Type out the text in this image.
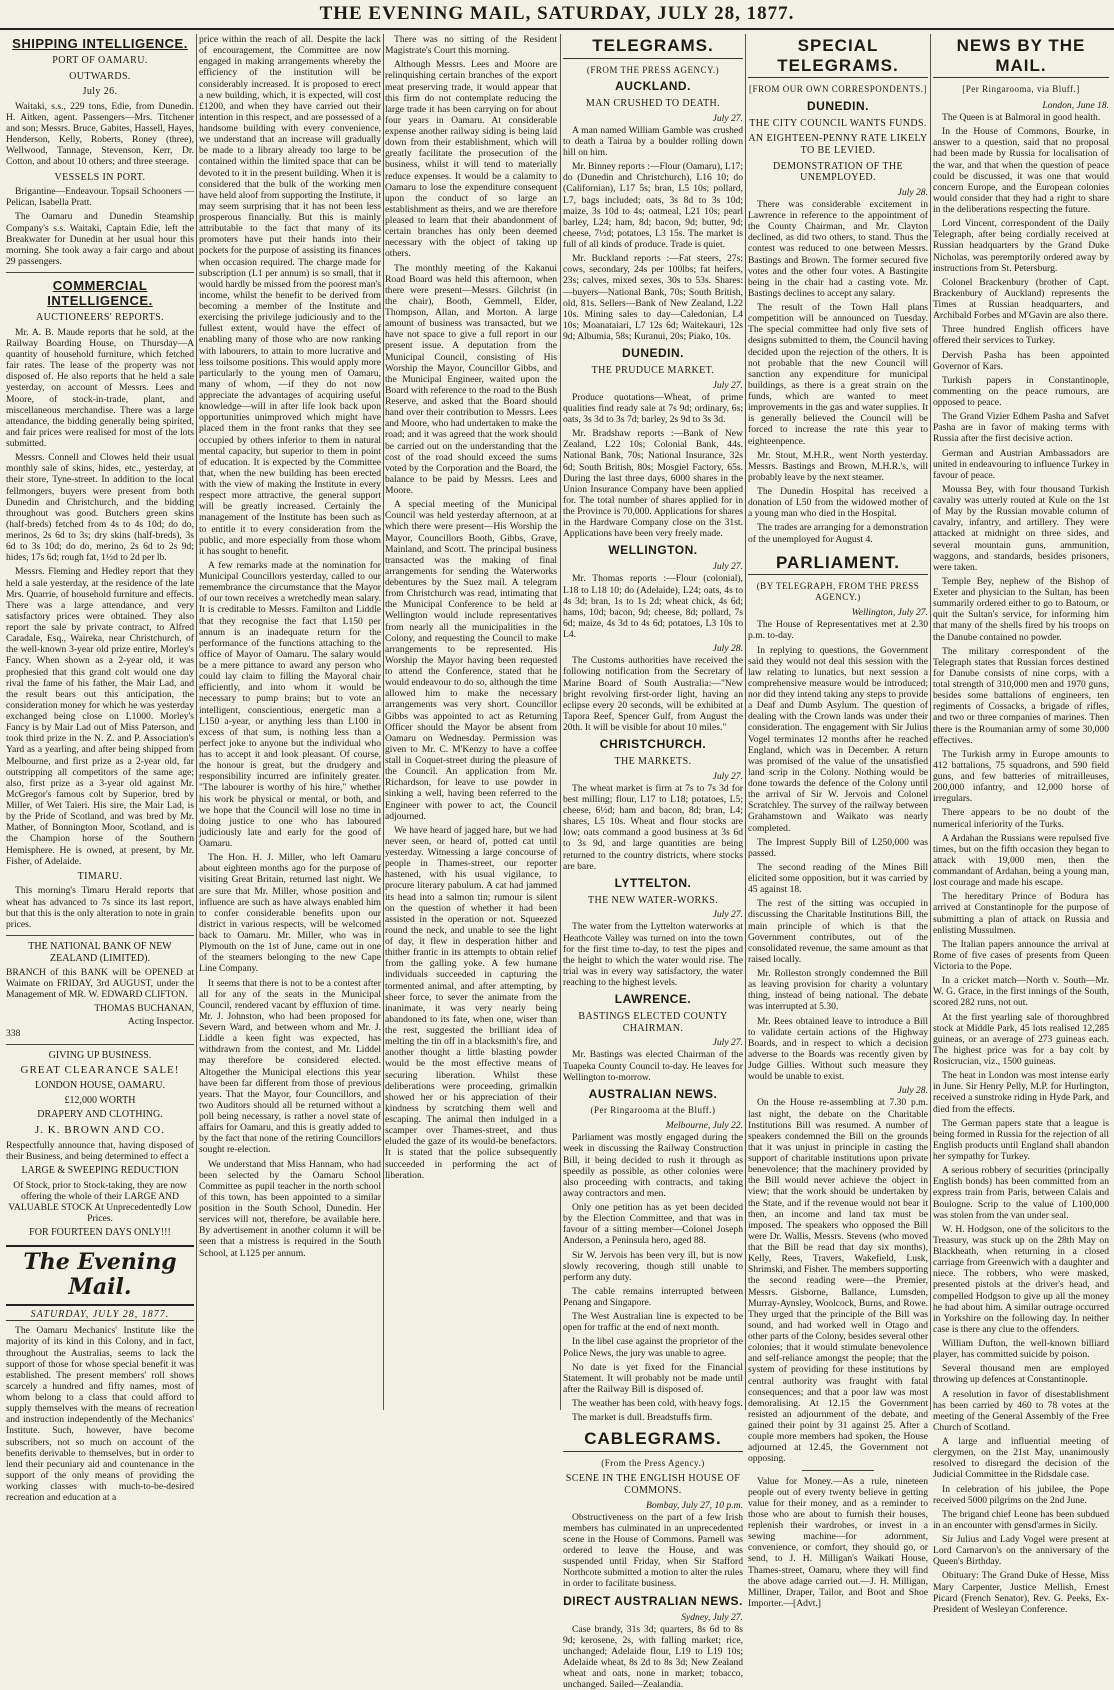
THE EVENING MAIL, SATURDAY, JULY 28, 1877.
SHIPPING INTELLIGENCE.
PORT OF OAMARU.
OUTWARDS.
July 26.

Waitaki, s.s., 229 tons, Edie, from Dunedin. H. Aitken, agent. Passengers—Mrs. Titchener and son; Messrs. Bruce, Gabites, Hassell, Hayes, Henderson, Kelly, Roberts, Roney (three), Wellwood, Tannage, Stevenson, Kerr, Dr. Cotton, and about 10 others; and three steerage.

VESSELS IN PORT.

Brigantine—Endeavour. Topsail Schooners — Pelican, Isabella Pratt.

The Oamaru and Dunedin Steamship Company's s.s. Waitaki, Captain Edie, left the Breakwater for Dunedin at her usual hour this morning. She took away a fair cargo and about 29 passengers.

COMMERCIAL INTELLIGENCE.
AUCTIONEERS' REPORTS.

Mr. A. B. Maude reports that he sold, at the Railway Boarding House, on Thursday—A quantity of household furniture, which fetched fair rates. The lease of the property was not disposed of. He also reports that he held a sale yesterday, on account of Messrs. Lees and Moore, of stock-in-trade, plant, and miscellaneous merchandise. There was a large attendance, the bidding generally being spirited, and fair prices were realised for most of the lots submitted.

Messrs. Connell and Clowes held their usual monthly sale of skins, hides, etc., yesterday, at their store, Tyne-street. In addition to the local fellmongers, buyers were present from both Dunedin and Christchurch, and the bidding throughout was good. Butchers green skins (half-breds) fetched from 4s to 4s 10d; do do, merinos, 2s 6d to 3s; dry skins (half-breds), 3s 6d to 3s 10d; do do, merino, 2s 6d to 2s 9d; hides, 17s 6d; rough fat, 1½d to 2d per lb.

Messrs. Fleming and Hedley report that they held a sale yesterday, at the residence of the late Mrs. Quarrie, of household furniture and effects. There was a large attendance, and very satisfactory prices were obtained. They also report the sale by private contract, to Alfred Caradale, Esq., Waireka, near Christchurch, of the well-known 3-year old prize entire, Morley's Fancy. When shown as a 2-year old, it was prophesied that this grand colt would one day rival the fame of his father, the Mair Lad, and the result bears out this anticipation, the consideration money for which he was yesterday exchanged being close on L1000. Morley's Fancy is by Mair Lad out of Miss Paterson, and took third prize in the N. Z. and P. Association's Yard as a yearling, and after being shipped from Melbourne, and first prize as a 2-year old, far outstripping all competitors of the same age; also, first prize as a 3-year old against Mr. McGregor's famous colt by Superior, bred by Miller, of Wet Taieri. His sire, the Mair Lad, is by the Pride of Scotland, and was bred by Mr. Mather, of Bonnington Moor, Scotland, and is the Champion horse of the Southern Hemisphere. He is owned, at present, by Mr. Fisher, of Adelaide.

TIMARU.

This morning's Timaru Herald reports that wheat has advanced to 7s since its last report, but that this is the only alteration to note in grain prices.

THE NATIONAL BANK OF NEW ZEALAND (LIMITED).

BRANCH of this BANK will be OPENED at Waimate on FRIDAY, 3rd AUGUST, under the Management of MR. W. EDWARD CLIFTON.

THOMAS BUCHANAN,
Acting Inspector.
338
GIVING UP BUSINESS.
GREAT CLEARANCE SALE!
LONDON HOUSE, OAMARU.
£12,000 WORTH
DRAPERY AND CLOTHING.
J. K. BROWN AND CO.

Respectfully announce that, having disposed of their Business, and being determined to effect a

LARGE & SWEEPING REDUCTION

Of Stock, prior to Stock-taking, they are now offering the whole of their LARGE AND VALUABLE STOCK At Unprecedentedly Low Prices.

FOR FOURTEEN DAYS ONLY!!!
The Evening Mail.
SATURDAY, JULY 28, 1877.

The Oamaru Mechanics' Institute like the majority of its kind in this Colony, and in fact, throughout the Australias, seems to lack the support of those for whose special benefit it was established. The present members' roll shows scarcely a hundred and fifty names, most of whom belong to a class that could afford to supply themselves with the means of recreation and instruction independently of the Mechanics' Institute. Such, however, have become subscribers, not so much on account of the benefits derivable to themselves, but in order to lend their pecuniary aid and countenance in the support of the only means of providing the working classes with much-to-be-desired recreation and education at a

price within the reach of all. Despite the lack of encouragement, the Committee are now engaged in making arrangements whereby the efficiency of the institution will be considerably increased. It is proposed to erect a new building, which, it is expected, will cost £1200, and when they have carried out their intention in this respect, and are possessed of a handsome building with every convenience, we understand that an increase will gradually be made to a library already too large to be contained within the limited space that can be devoted to it in the present building. When it is considered that the bulk of the working men have held aloof from supporting the Institute, it may seem surprising that it has not been less prosperous financially. But this is mainly attributable to the fact that many of its promoters have put their hands into their pockets for the purpose of assisting its finances when occasion required. The charge made for subscription (L1 per annum) is so small, that it would hardly be missed from the poorest man's income, whilst the benefit to be derived from becoming a member of the Institute and exercising the privilege judiciously and to the fullest extent, would have the effect of enabling many of those who are now ranking with labourers, to attain to more lucrative and less toilsome positions. This would apply more particularly to the young men of Oamaru, many of whom, —if they do not now appreciate the advantages of acquiring useful knowledge—will in after life look back upon opportunities unimproved which might have placed them in the front ranks that they see occupied by others inferior to them in natural mental capacity, but superior to them in point of education. It is expected by the Committee that, when the new building has been erected with the view of making the Institute in every respect more attractive, the general support will be greatly increased. Certainly the management of the Institute has been such as to entitle it to every consideration from the public, and more especially from those whom it has sought to benefit.

A few remarks made at the nomination for Municipal Councillors yesterday, called to our remembrance the circumstance that the Mayor of our town receives a wretchedly mean salary. It is creditable to Messrs. Familton and Liddle that they recognise the fact that L150 per annum is an inadequate return for the performance of the functions attaching to the office of Mayor of Oamaru. The salary would be a mere pittance to award any person who could lay claim to filling the Mayoral chair efficiently, and into whom it would be necessary to pump brains; but to vote an intelligent, conscientious, energetic man a L150 a-year, or anything less than L100 in excess of that sum, is nothing less than a perfect joke to anyone but the individual who has to accept it and look pleasant. Of course, the honour is great, but the drudgery and responsibility incurred are infinitely greater. "The labourer is worthy of his hire," whether his work be physical or mental, or both, and we hope that the Council will lose no time in doing justice to one who has laboured judiciously late and early for the good of Oamaru.

The Hon. H. J. Miller, who left Oamaru about eighteen months ago for the purpose of visiting Great Britain, returned last night. We are sure that Mr. Miller, whose position and influence are such as have always enabled him to confer considerable benefits upon our district in various respects, will be welcomed back to Oamaru. Mr. Miller, who was in Plymouth on the 1st of June, came out in one of the steamers belonging to the new Cape Line Company.

It seems that there is not to be a contest after all for any of the seats in the Municipal Council, rendered vacant by effluxion of time. Mr. J. Johnston, who had been proposed for Severn Ward, and between whom and Mr. J. Liddle a keen fight was expected, has withdrawn from the contest, and Mr. Liddel may therefore be considered elected. Altogether the Municipal elections this year have been far different from those of previous years. That the Mayor, four Councillors, and two Auditors should all be returned without a poll being necessary, is rather a novel state of affairs for Oamaru, and this is greatly added to by the fact that none of the retiring Councillors sought re-election.

We understand that Miss Hannam, who had been selected by the Oamaru School Committee as pupil teacher in the north school of this town, has been appointed to a similar position in the South School, Dunedin. Her services will not, therefore, be available here. By advertisement in another column it will be seen that a mistress is required in the South School, at L125 per annum.

There was no sitting of the Resident Magistrate's Court this morning.

Although Messrs. Lees and Moore are relinquishing certain branches of the export meat preserving trade, it would appear that this firm do not contemplate reducing the large trade it has been carrying on for about four years in Oamaru. At considerable expense another railway siding is being laid down from their establishment, which will greatly facilitate the prosecution of the business, whilst it will tend to materially reduce expenses. It would be a calamity to Oamaru to lose the expenditure consequent upon the conduct of so large an establishment as theirs, and we are therefore pleased to learn that their abandonment of certain branches has only been deemed necessary with the object of taking up others.

The monthly meeting of the Kakanui Road Board was held this afternoon, when there were present—Messrs. Gilchrist (in the chair), Booth, Gemmell, Elder, Thompson, Allan, and Morton. A large amount of business was transacted, but we have not space to give a full report in our present issue. A deputation from the Municipal Council, consisting of His Worship the Mayor, Councillor Gibbs, and the Municipal Engineer, waited upon the Board with reference to the road to the Bush Reserve, and asked that the Board should hand over their contribution to Messrs. Lees and Moore, who had undertaken to make the road; and it was agreed that the work should be carried out on the understanding that the cost of the road should exceed the sums voted by the Corporation and the Board, the balance to be paid by Messrs. Lees and Moore.

A special meeting of the Municipal Council was held yesterday afternoon, at at which there were present—His Worship the Mayor, Councillors Booth, Gibbs, Grave, Mainland, and Scott. The principal business transacted was the making of final arrangements for sending the Waterworks debentures by the Suez mail. A telegram from Christchurch was read, intimating that the Municipal Conference to be held at Wellington would include representatives from nearly all the municipalities in the Colony, and requesting the Council to make arrangements to be represented. His Worship the Mayor having been requested to attend the Conference, stated that he would endeavour to do so, although the time allowed him to make the necessary arrangements was very short. Councillor Gibbs was appointed to act as Returning Officer should the Mayor be absent from Oamaru on Wednesday. Permission was given to Mr. C. M'Kenzy to have a coffee stall in Coquet-street during the pleasure of the Council. An application from Mr. Richardson, for leave to use powder in sinking a well, having been referred to the Engineer with power to act, the Council adjourned.

We have heard of jagged hare, but we had never seen, or heard of, potted cat until yesterday. Witnessing a large concourse of people in Thames-street, our reporter hastened, with his usual vigilance, to procure literary pabulum. A cat had jammed its head into a salmon tin; rumour is silent on the question of whether it had been assisted in the operation or not. Squeezed round the neck, and unable to see the light of day, it flew in desperation hither and thither frantic in its attempts to obtain relief from the galling yoke. A few humane individuals succeeded in capturing the tormented animal, and after attempting, by sheer force, to sever the animate from the inanimate, it was very nearly being abandoned to its fate, when one, wiser than the rest, suggested the brilliant idea of melting the tin off in a blacksmith's fire, and another thought a little blasting powder would be the most effective means of securing liberation. Whilst these deliberations were proceeding, grimalkin showed her or his appreciation of their kindness by scratching them well and escaping. The animal then indulged in a scamper over Thames-street, and thus eluded the gaze of its would-be benefactors. It is stated that the police subsequently succeeded in performing the act of liberation.

TELEGRAMS.
(FROM THE PRESS AGENCY.)
AUCKLAND.
MAN CRUSHED TO DEATH.
July 27.

A man named William Gamble was crushed to death a Tairua by a boulder rolling down hill on him.

Mr. Binney reports :—Flour (Oamaru), L17; do (Dunedin and Christchurch), L16 10; do (Californian), L17 5s; bran, L5 10s; pollard, L7, bags included; oats, 3s 8d to 3s 10d; maize, 3s 10d to 4s; oatmeal, L21 10s; pearl barley, L24; ham, 8d; bacon, 9d; butter, 9d; cheese, 7½d; potatoes, L3 15s. The market is full of all kinds of produce. Trade is quiet.

Mr. Buckland reports :—Fat steers, 27s; cows, secondary, 24s per 100lbs; fat heifers, 23s; calves, mixed sexes, 30s to 53s. Shares:—buyers—National Bank, 70s; South British, old, 81s. Sellers—Bank of New Zealand, L22 10s. Mining sales to day—Caledonian, L4 10s; Moanataiari, L7 12s 6d; Waitekauri, 12s 9d; Albumia, 58s; Kuranui, 20s; Piako, 10s.

DUNEDIN.
THE PRUDUCE MARKET.
July 27.

Produce quotations—Wheat, of prime qualities find ready sale at 7s 9d; ordinary, 6s; oats, 3s 3d to 3s 7d; barley, 2s 9d to 3s 3d.

Mr. Bradshaw reports :—Bank of New Zealand, L22 10s; Colonial Bank, 44s. National Bank, 70s; National Insurance, 32s 6d; South British, 80s; Mosgiel Factory, 65s. During the last three days, 6000 shares in the Union Insurance Company have been applied for. The total number of shares applied for in the Province is 70,000. Applications for shares in the Hardware Company close on the 31st. Applications have been very freely made.

WELLINGTON.
July 27.

Mr. Thomas reports :—Flour (colonial), L18 to L18 10; do (Adelaide), L24; oats, 4s to 4s 3d; bran, 1s to 1s 2d; wheat chick, 4s 6d; hams, 10d; bacon, 9d; cheese, 8d; pollard, 7s 6d; maize, 4s 3d to 4s 6d; potatoes, L3 10s to L4.

July 28.

The Customs authorities have received the following notification from the Secretary of Marine Board of South Australia:—"New bright revolving first-order light, having an eclipse every 20 seconds, will be exhibited at Tapora Reef, Spencer Gulf, from August the 20th. It will be visible for about 10 miles."

CHRISTCHURCH.
THE MARKETS.
July 27.

The wheat market is firm at 7s to 7s 3d for best milling; flour, L17 to L18; potatoes, L5; cheese, 6½d; ham and bacon, 8d; bran, L4; shares, L5 10s. Wheat and flour stocks are low; oats command a good business at 3s 6d to 3s 9d, and large quantities are being returned to the country districts, where stocks are bare.

LYTTELTON.
THE NEW WATER-WORKS.
July 27.

The water from the Lyttelton waterworks at Heathcote Valley was turned on into the town for the first time to-day, to test the pipes and the height to which the water would rise. The trial was in every way satisfactory, the water reaching to the highest levels.

LAWRENCE.
BASTINGS ELECTED COUNTY CHAIRMAN.
July 27.

Mr. Bastings was elected Chairman of the Tuapeka County Council to-day. He leaves for Wellington to-morrow.

AUSTRALIAN NEWS.
(Per Ringarooma at the Bluff.)
Melbourne, July 22.

Parliament was mostly engaged during the week in discussing the Railway Construction Bill, it being decided to rush it through as speedily as possible, as other colonies were also proceeding with contracts, and taking away contractors and men.

Only one petition has as yet been decided by the Election Committee, and that was in favour of a sitting member—Colonel Joseph Anderson, a Peninsula hero, aged 88.

Sir W. Jervois has been very ill, but is now slowly recovering, though still unable to perform any duty.

The cable remains interrupted between Penang and Singapore.

The West Australian line is expected to be open for traffic at the end of next month.

In the libel case against the proprietor of the Police News, the jury was unable to agree.

No date is yet fixed for the Financial Statement. It will probably not be made until after the Railway Bill is disposed of.

The weather has been cold, with heavy fogs.

The market is dull. Breadstuffs firm.

CABLEGRAMS.
(From the Press Agency.)
SCENE IN THE ENGLISH HOUSE OF COMMONS.
Bombay, July 27, 10 p.m.

Obstructiveness on the part of a few Irish members has culminated in an unprecedented scene in the House of Commons. Parnell was ordered to leave the House, and was suspended until Friday, when Sir Stafford Northcote submitted a motion to alter the rules in order to facilitate business.

DIRECT AUSTRALIAN NEWS.
Sydney, July 27.

Case brandy, 31s 3d; quarters, 8s 6d to 8s 9d; kerosene, 2s, with falling market; rice, unchanged; Adelaide flour, L19 to L19 10s; Adelaide wheat, 8s 2d to 8s 3d; New Zealand wheat and oats, none in market; tobacco, unchanged. Sailed—Zealandia.

SPECIAL TELEGRAMS.
[FROM OUR OWN CORRESPONDENTS.]
DUNEDIN.
THE CITY COUNCIL WANTS FUNDS.
AN EIGHTEEN-PENNY RATE LIKELY TO BE LEVIED.
DEMONSTRATION OF THE UNEMPLOYED.
July 28.

There was considerable excitement in Lawrence in reference to the appointment of the County Chairman, and Mr. Clayton declined, as did two others, to stand. Thus the contest was reduced to one between Messrs. Bastings and Brown. The former secured five votes and the other four votes. A Bastingite being in the chair had a casting vote. Mr. Bastings declines to accept any salary.

The result of the Town Hall plans competition will be announced on Tuesday. The special committee had only five sets of designs submitted to them, the Council having decided upon the rejection of the others. It is not probable that the new Council will sanction any expenditure for municipal buildings, as there is a great strain on the funds, which are wanted to meet improvements in the gas and water supplies. It is generally believed the Council will be forced to increase the rate this year to eighteenpence.

Mr. Stout, M.H.R., went North yesterday. Messrs. Bastings and Brown, M.H.R.'s, will probably leave by the next steamer.

The Dunedin Hospital has received a donation of L50 from the widowed mother of a young man who died in the Hospital.

The trades are arranging for a demonstration of the unemployed for August 4.

PARLIAMENT.
(BY TELEGRAPH, FROM THE PRESS AGENCY.)
Wellington, July 27.

The House of Representatives met at 2.30 p.m. to-day.

In replying to questions, the Government said they would not deal this session with the law relating to lunatics, but next session a comprehensive measure would be introduced; nor did they intend taking any steps to provide a Deaf and Dumb Asylum. The question of dealing with the Crown lands was under their consideration. The engagement with Sir Julius Vogel terminates 12 months after he reached England, which was in December. A return was promised of the value of the unsatisfied land scrip in the Colony. Nothing would be done towards the defence of the Colony until the arrival of Sir W. Jervois and Colonel Scratchley. The survey of the railway between Grahamstown and Waikato was nearly completed.

The Imprest Supply Bill of L250,000 was passed.

The second reading of the Mines Bill elicited some opposition, but it was carried by 45 against 18.

The rest of the sitting was occupied in discussing the Charitable Institutions Bill, the main principle of which is that the Government contributes, out of the consolidated revenue, the same amount as that raised locally.

Mr. Rolleston strongly condemned the Bill as leaving provision for charity a voluntary thing, instead of being national. The debate was interrupted at 5.30.

Mr. Rees obtained leave to introduce a Bill to validate certain actions of the Highway Boards, and in respect to which a decision adverse to the Boards was recently given by Judge Gillies. Without such measure they would be unable to exist.

July 28.

On the House re-assembling at 7.30 p.m. last night, the debate on the Charitable Institutions Bill was resumed. A number of speakers condemned the Bill on the grounds that it was unjust in principle in casting the support of charitable institutions upon private benevolence; that the machinery provided by the Bill would never achieve the object in view; that the work should be undertaken by the State, and if the revenue would not bear it then, an income and land tax must be imposed. The speakers who opposed the Bill were Dr. Wallis, Messrs. Stevens (who moved that the Bill be read that day six months), Kelly, Rees, Travers, Wakefield, Lusk, Shrimski, and Fisher. The members supporting the second reading were—the Premier, Messrs. Gisborne, Ballance, Lumsden, Murray-Aynsley, Woolcock, Burns, and Rowe. They urged that the principle of the Bill was sound, and had worked well in Otago and other parts of the Colony, besides several other colonies; that it would stimulate benevolence and self-reliance amongst the people; that the system of providing for these institutions by central authority was fraught with fatal consequences; and that a poor law was most demoralising. At 12.15 the Government resisted an adjournment of the debate, and gained their point by 31 against 25. After a couple more members had spoken, the House adjourned at 12.45, the Government not opposing.

Value for Money.—As a rule, nineteen people out of every twenty believe in getting value for their money, and as a reminder to those who are about to furnish their houses, replenish their wardrobes, or invest in a sewing machine—for adornment, convenience, or comfort, they should go, or send, to J. H. Milligan's Waikati House, Thames-street, Oamaru, where they will find the above adage carried out.—J. H. Milligan, Milliner, Draper, Tailor, and Boot and Shoe Importer.—[Advt.]

NEWS BY THE MAIL.
[Per Ringarooma, via Bluff.]
London, June 18.

The Queen is at Balmoral in good health.

In the House of Commons, Bourke, in answer to a question, said that no proposal had been made by Russia for localisation of the war, and that when the question of peace could be discussed, it was one that would concern Europe, and the European colonies would consider that they had a right to share in the deliberations respecting the future.

Lord Vincent, correspondent of the Daily Telegraph, after being cordially received at Russian headquarters by the Grand Duke Nicholas, was peremptorily ordered away by instructions from St. Petersburg.

Colonel Brackenbury (brother of Capt. Brackenbury of Auckland) represents the Times at Russian headquarters, and Archibald Forbes and M'Gavin are also there.

Three hundred English officers have offered their services to Turkey.

Dervish Pasha has been appointed Governor of Kars.

Turkish papers in Constantinople, commenting on the peace rumours, are opposed to peace.

The Grand Vizier Edhem Pasha and Safvet Pasha are in favor of making terms with Russia after the first decisive action.

German and Austrian Ambassadors are united in endeavouring to influence Turkey in favour of peace.

Moussa Bey, with four thousand Turkish cavalry was utterly routed at Kule on the 1st of May by the Russian movable column of cavalry, infantry, and artillery. They were attacked at midnight on three sides, and several mountain guns, ammunition, waggons, and standards, besides prisoners, were taken.

Temple Bey, nephew of the Bishop of Exeter and physician to the Sultan, has been summarily ordered either to go to Batoum, or quit the Sultan's service, for informing him that many of the shells fired by his troops on the Danube contained no powder.

The military correspondent of the Telegraph states that Russian forces destined for Danube consists of nine corps, with a total strength of 310,000 men and 1970 guns, besides some battalions of engineers, ten regiments of Cossacks, a brigade of rifles, and two or three companies of marines. Then there is the Roumanian army of some 30,000 effectives.

The Turkish army in Europe amounts to 412 battalions, 75 squadrons, and 590 field guns, and few batteries of mitrailleuses, 200,000 infantry, and 12,000 horse of irregulars.

There appears to be no doubt of the numerical inferiority of the Turks.

A Ardahan the Russians were repulsed five times, but on the fifth occasion they began to attack with 19,000 men, then the commandant of Ardahan, being a young man, lost courage and made his escape.

The hereditary Prince of Bodura has arrived at Constantinople for the purpose of submitting a plan of attack on Russia and enlisting Mussulmen.

The Italian papers announce the arrival at Rome of five cases of presents from Queen Victoria to the Pope.

In a cricket match—North v. South—Mr. W. G. Grace, in the first innings of the South, scored 282 runs, not out.

At the first yearling sale of thoroughbred stock at Middle Park, 45 lots realised 12,285 guineas, or an average of 273 guineas each. The highest price was for a bay colt by Rosicrucian, viz., 1500 guineas.

The heat in London was most intense early in June. Sir Henry Pelly, M.P. for Hurlington, received a sunstroke riding in Hyde Park, and died from the effects.

The German papers state that a league is being formed in Russia for the rejection of all English products until England shall abandon her sympathy for Turkey.

A serious robbery of securities (principally English bonds) has been committed from an express train from Paris, between Calais and Boulogne. Scrip to the value of L100,000 was stolen from the van under seal.

W. H. Hodgson, one of the solicitors to the Treasury, was stuck up on the 28th May on Blackheath, when returning in a closed carriage from Greenwich with a daughter and niece. The robbers, who were masked, presented pistols at the driver's head, and compelled Hodgson to give up all the money he had about him. A similar outrage occurred in Yorkshire on the following day. In neither case is there any clue to the offenders.

William Dufton, the well-known billiard player, has committed suicide by poison.

Several thousand men are employed throwing up defences at Constantinople.

A resolution in favor of disestablishment has been carried by 460 to 78 votes at the meeting of the General Assembly of the Free Church of Scotland.

A large and influential meeting of clergymen, on the 21st May, unanimously resolved to disregard the decision of the Judicial Committee in the Ridsdale case.

In celebration of his jubilee, the Pope received 5000 pilgrims on the 2nd June.

The brigand chief Leone has been subdued in an encounter with gensd'armes in Sicily.

Sir Julius and Lady Vogel were present at Lord Carnarvon's on the anniversary of the Queen's Birthday.

Obituary: The Grand Duke of Hesse, Miss Mary Carpenter, Justice Mellish, Ernest Picard (French Senator), Rev. G. Peeks, Ex-President of Wesleyan Conference.
